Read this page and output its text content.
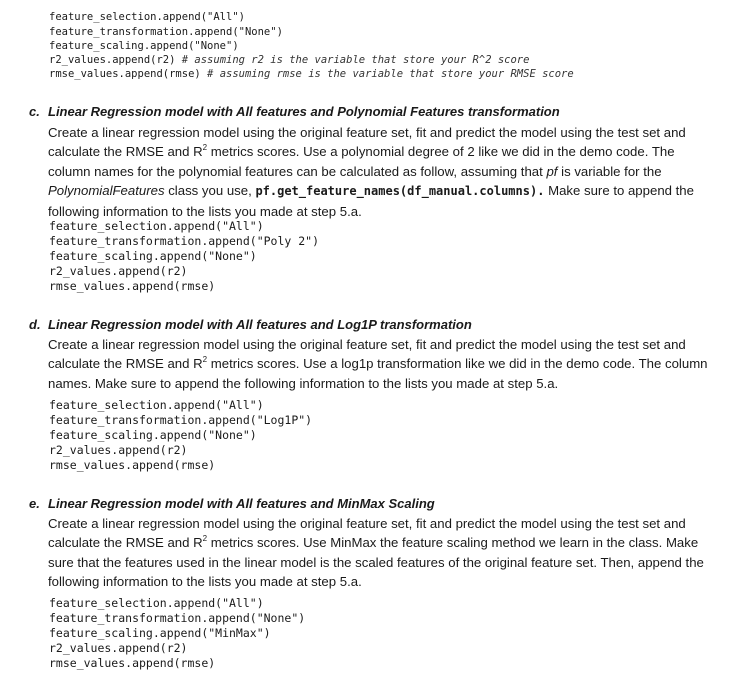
feature_selection.append("All")
feature_transformation.append("None")
feature_scaling.append("None")
r2_values.append(r2) # assuming r2 is the variable that store your R^2 score
rmse_values.append(rmse) # assuming rmse is the variable that store your RMSE score
c. Linear Regression model with All features and Polynomial Features transformation
Create a linear regression model using the original feature set, fit and predict the model using the test set and calculate the RMSE and $R^2$ metrics scores. Use a polynomial degree of 2 like we did in the demo code. The column names for the polynomial features can be calculated as follow, assuming that pf is variable for the PolynomialFeatures class you use, pf.get_feature_names(df_manual.columns). Make sure to append the following information to the lists you made at step 5.a.
feature_selection.append("All")
feature_transformation.append("Poly 2")
feature_scaling.append("None")
r2_values.append(r2)
rmse_values.append(rmse)
d. Linear Regression model with All features and Log1P transformation
Create a linear regression model using the original feature set, fit and predict the model using the test set and calculate the RMSE and $R^2$ metrics scores. Use a log1p transformation like we did in the demo code. The column names. Make sure to append the following information to the lists you made at step 5.a.
feature_selection.append("All")
feature_transformation.append("Log1P")
feature_scaling.append("None")
r2_values.append(r2)
rmse_values.append(rmse)
e. Linear Regression model with All features and MinMax Scaling
Create a linear regression model using the original feature set, fit and predict the model using the test set and calculate the RMSE and $R^2$ metrics scores. Use MinMax the feature scaling method we learn in the class. Make sure that the features used in the linear model is the scaled features of the original feature set. Then, append the following information to the lists you made at step 5.a.
feature_selection.append("All")
feature_transformation.append("None")
feature_scaling.append("MinMax")
r2_values.append(r2)
rmse_values.append(rmse)
